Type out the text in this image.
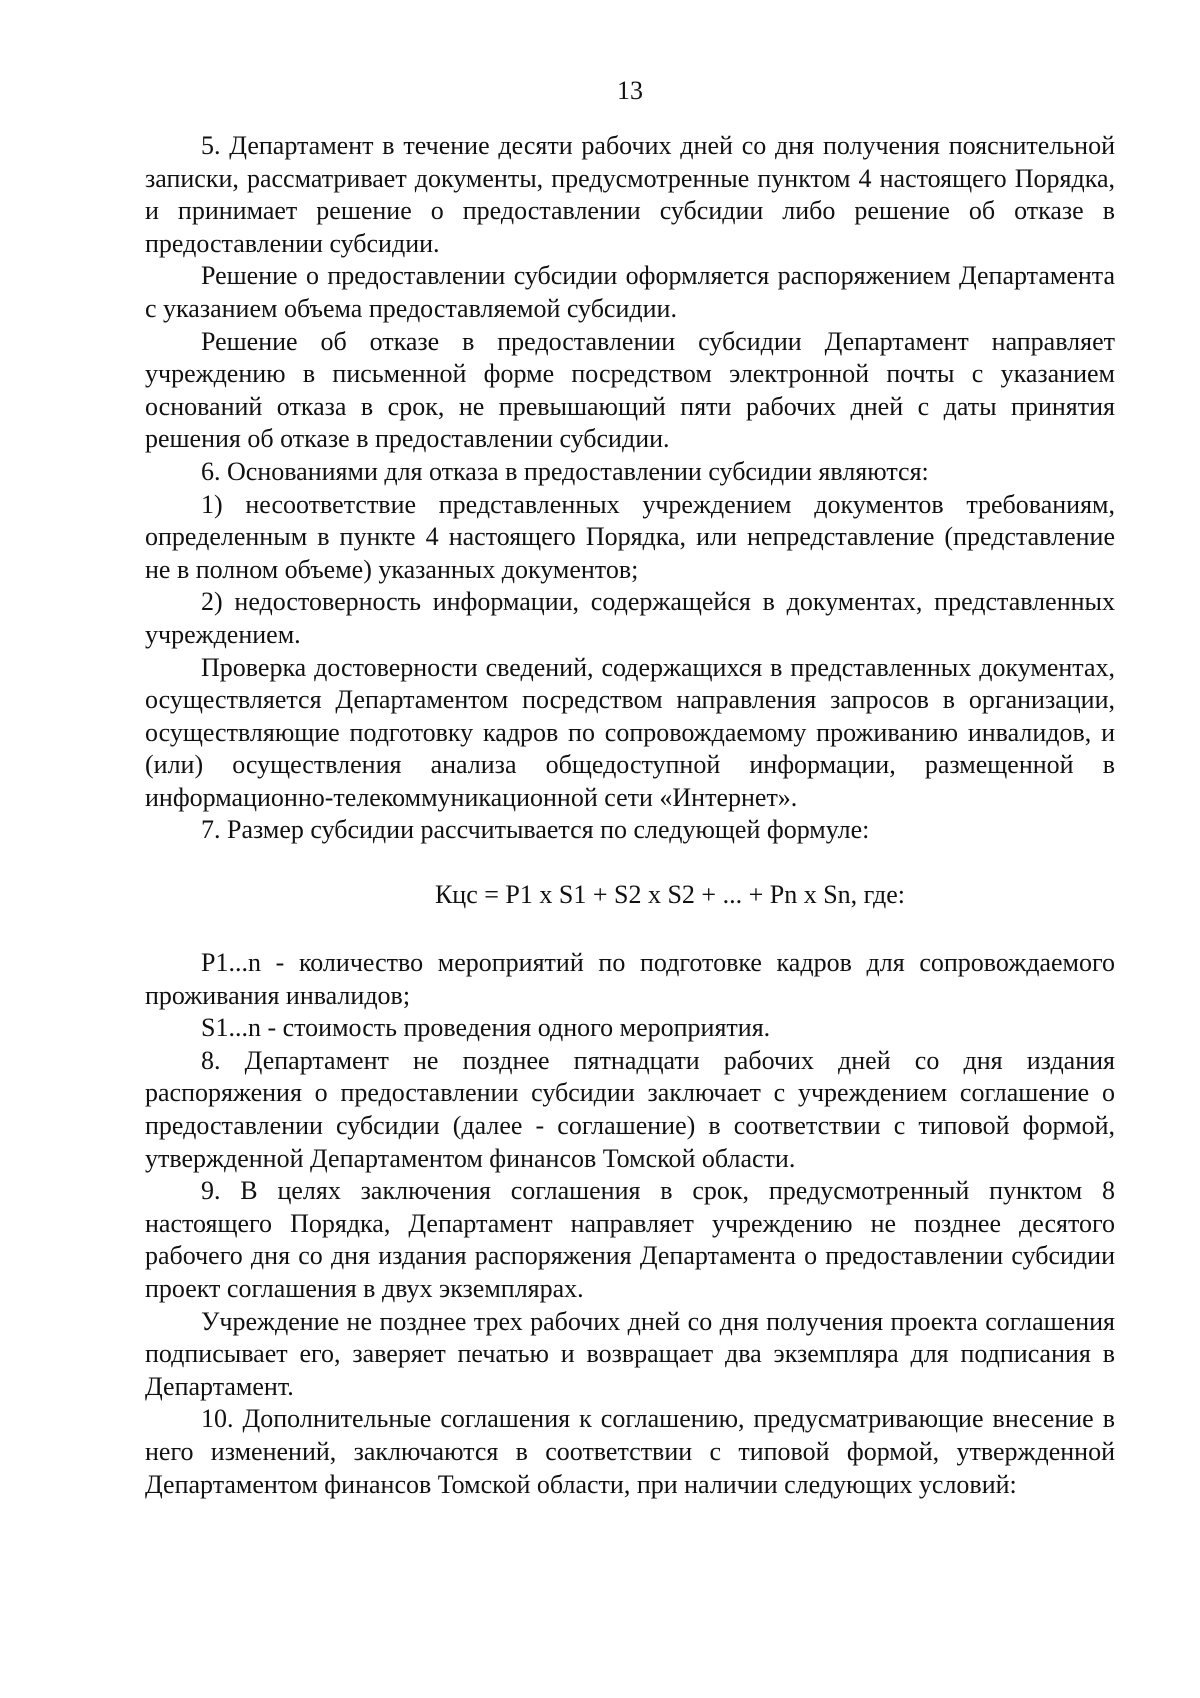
13

5. Департамент в течение десяти рабочих дней со дня получения пояснительной записки, рассматривает документы, предусмотренные пунктом 4 настоящего Порядка, и принимает решение о предоставлении субсидии либо решение об отказе в предоставлении субсидии.

Решение о предоставлении субсидии оформляется распоряжением Департамента с указанием объема предоставляемой субсидии.

Решение об отказе в предоставлении субсидии Департамент направляет учреждению в письменной форме посредством электронной почты с указанием оснований отказа в срок, не превышающий пяти рабочих дней с даты принятия решения об отказе в предоставлении субсидии.

6. Основаниями для отказа в предоставлении субсидии являются:

1) несоответствие представленных учреждением документов требованиям, определенным в пункте 4 настоящего Порядка, или непредставление (представление не в полном объеме) указанных документов;

2) недостоверность информации, содержащейся в документах, представленных учреждением.

Проверка достоверности сведений, содержащихся в представленных документах, осуществляется Департаментом посредством направления запросов в организации, осуществляющие подготовку кадров по сопровождаемому проживанию инвалидов, и (или) осуществления анализа общедоступной информации, размещенной в информационно-телекоммуникационной сети «Интернет».

7. Размер субсидии рассчитывается по следующей формуле:

Кцс = P1 x S1 + S2 x S2 + ... + Pn x Sn, где:

P1...n - количество мероприятий по подготовке кадров для сопровождаемого проживания инвалидов;

S1...n - стоимость проведения одного мероприятия.

8. Департамент не позднее пятнадцати рабочих дней со дня издания распоряжения о предоставлении субсидии заключает с учреждением соглашение о предоставлении субсидии (далее - соглашение) в соответствии с типовой формой, утвержденной Департаментом финансов Томской области.

9. В целях заключения соглашения в срок, предусмотренный пунктом 8 настоящего Порядка, Департамент направляет учреждению не позднее десятого рабочего дня со дня издания распоряжения Департамента о предоставлении субсидии проект соглашения в двух экземплярах.

Учреждение не позднее трех рабочих дней со дня получения проекта соглашения подписывает его, заверяет печатью и возвращает два экземпляра для подписания в Департамент.

10. Дополнительные соглашения к соглашению, предусматривающие внесение в него изменений, заключаются в соответствии с типовой формой, утвержденной Департаментом финансов Томской области, при наличии следующих условий:
